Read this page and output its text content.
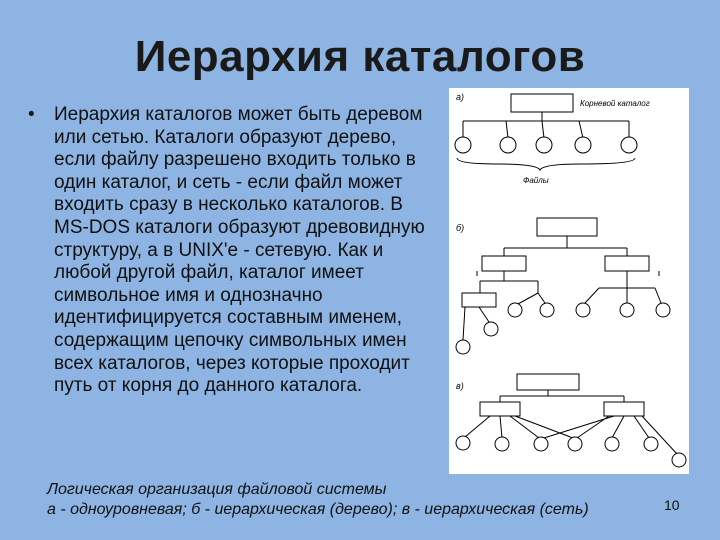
Иерархия каталогов
• Иерархия каталогов может быть деревом или сетью. Каталоги образуют дерево, если файлу разрешено входить только в один каталог, и сеть - если файл может входить сразу в несколько каталогов. В MS-DOS каталоги образуют древовидную структуру, а в UNIX'е - сетевую. Как и любой другой файл, каталог имеет символьное имя и однозначно идентифицируется составным именем, содержащим цепочку символьных имен всех каталогов, через которые проходит путь от корня до данного каталога.
а)
Корневой каталог
Файлы
б)
в)
Логическая организация файловой системы
а - одноуровневая; б - иерархическая (дерево); в - иерархическая (сеть)	10
